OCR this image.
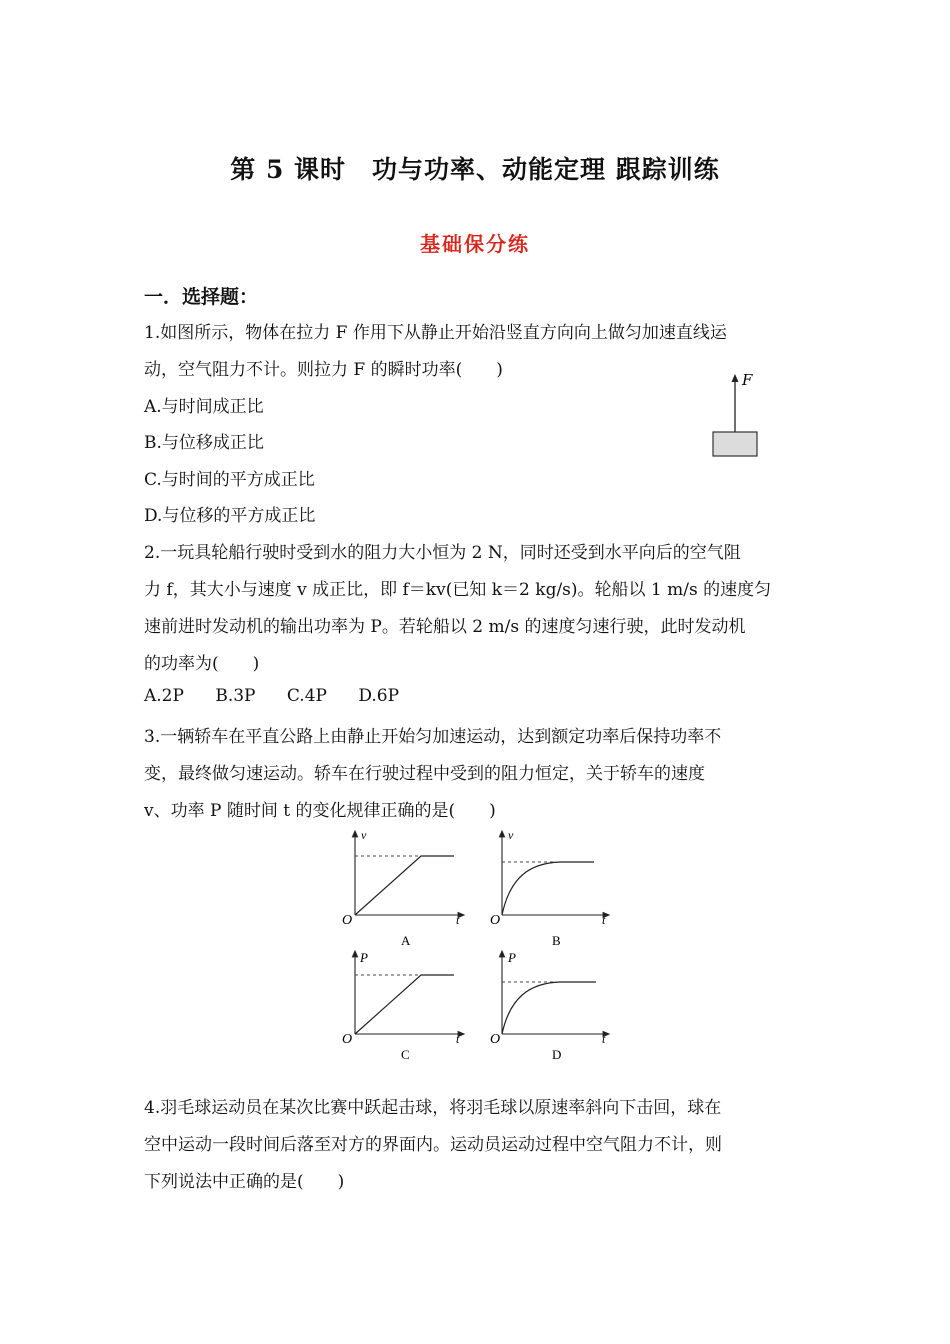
第 5 课时　功与功率、动能定理 跟踪训练
基础保分练
一．选择题：
1.如图所示，物体在拉力 F 作用下从静止开始沿竖直方向向上做匀加速直线运
动，空气阻力不计。则拉力 F 的瞬时功率(　　)
A.与时间成正比
B.与位移成正比
C.与时间的平方成正比
D.与位移的平方成正比
F
2.一玩具轮船行驶时受到水的阻力大小恒为 2 N，同时还受到水平向后的空气阻
力 f，其大小与速度 v 成正比，即 f＝kv(已知 k＝2 kg/s)。轮船以 1 m/s 的速度匀
速前进时发动机的输出功率为 P。若轮船以 2 m/s 的速度匀速行驶，此时发动机
的功率为(　　)
A.2P B.3P C.4P D.6P
3.一辆轿车在平直公路上由静止开始匀加速运动，达到额定功率后保持功率不
变，最终做匀速运动。轿车在行驶过程中受到的阻力恒定，关于轿车的速度
v、功率 P 随时间 t 的变化规律正确的是(　　)
v
O	t
A
v
O	t
B
P
O	t
C
P
O	t
D
4.羽毛球运动员在某次比赛中跃起击球，将羽毛球以原速率斜向下击回，球在
空中运动一段时间后落至对方的界面内。运动员运动过程中空气阻力不计，则
下列说法中正确的是(　　)
